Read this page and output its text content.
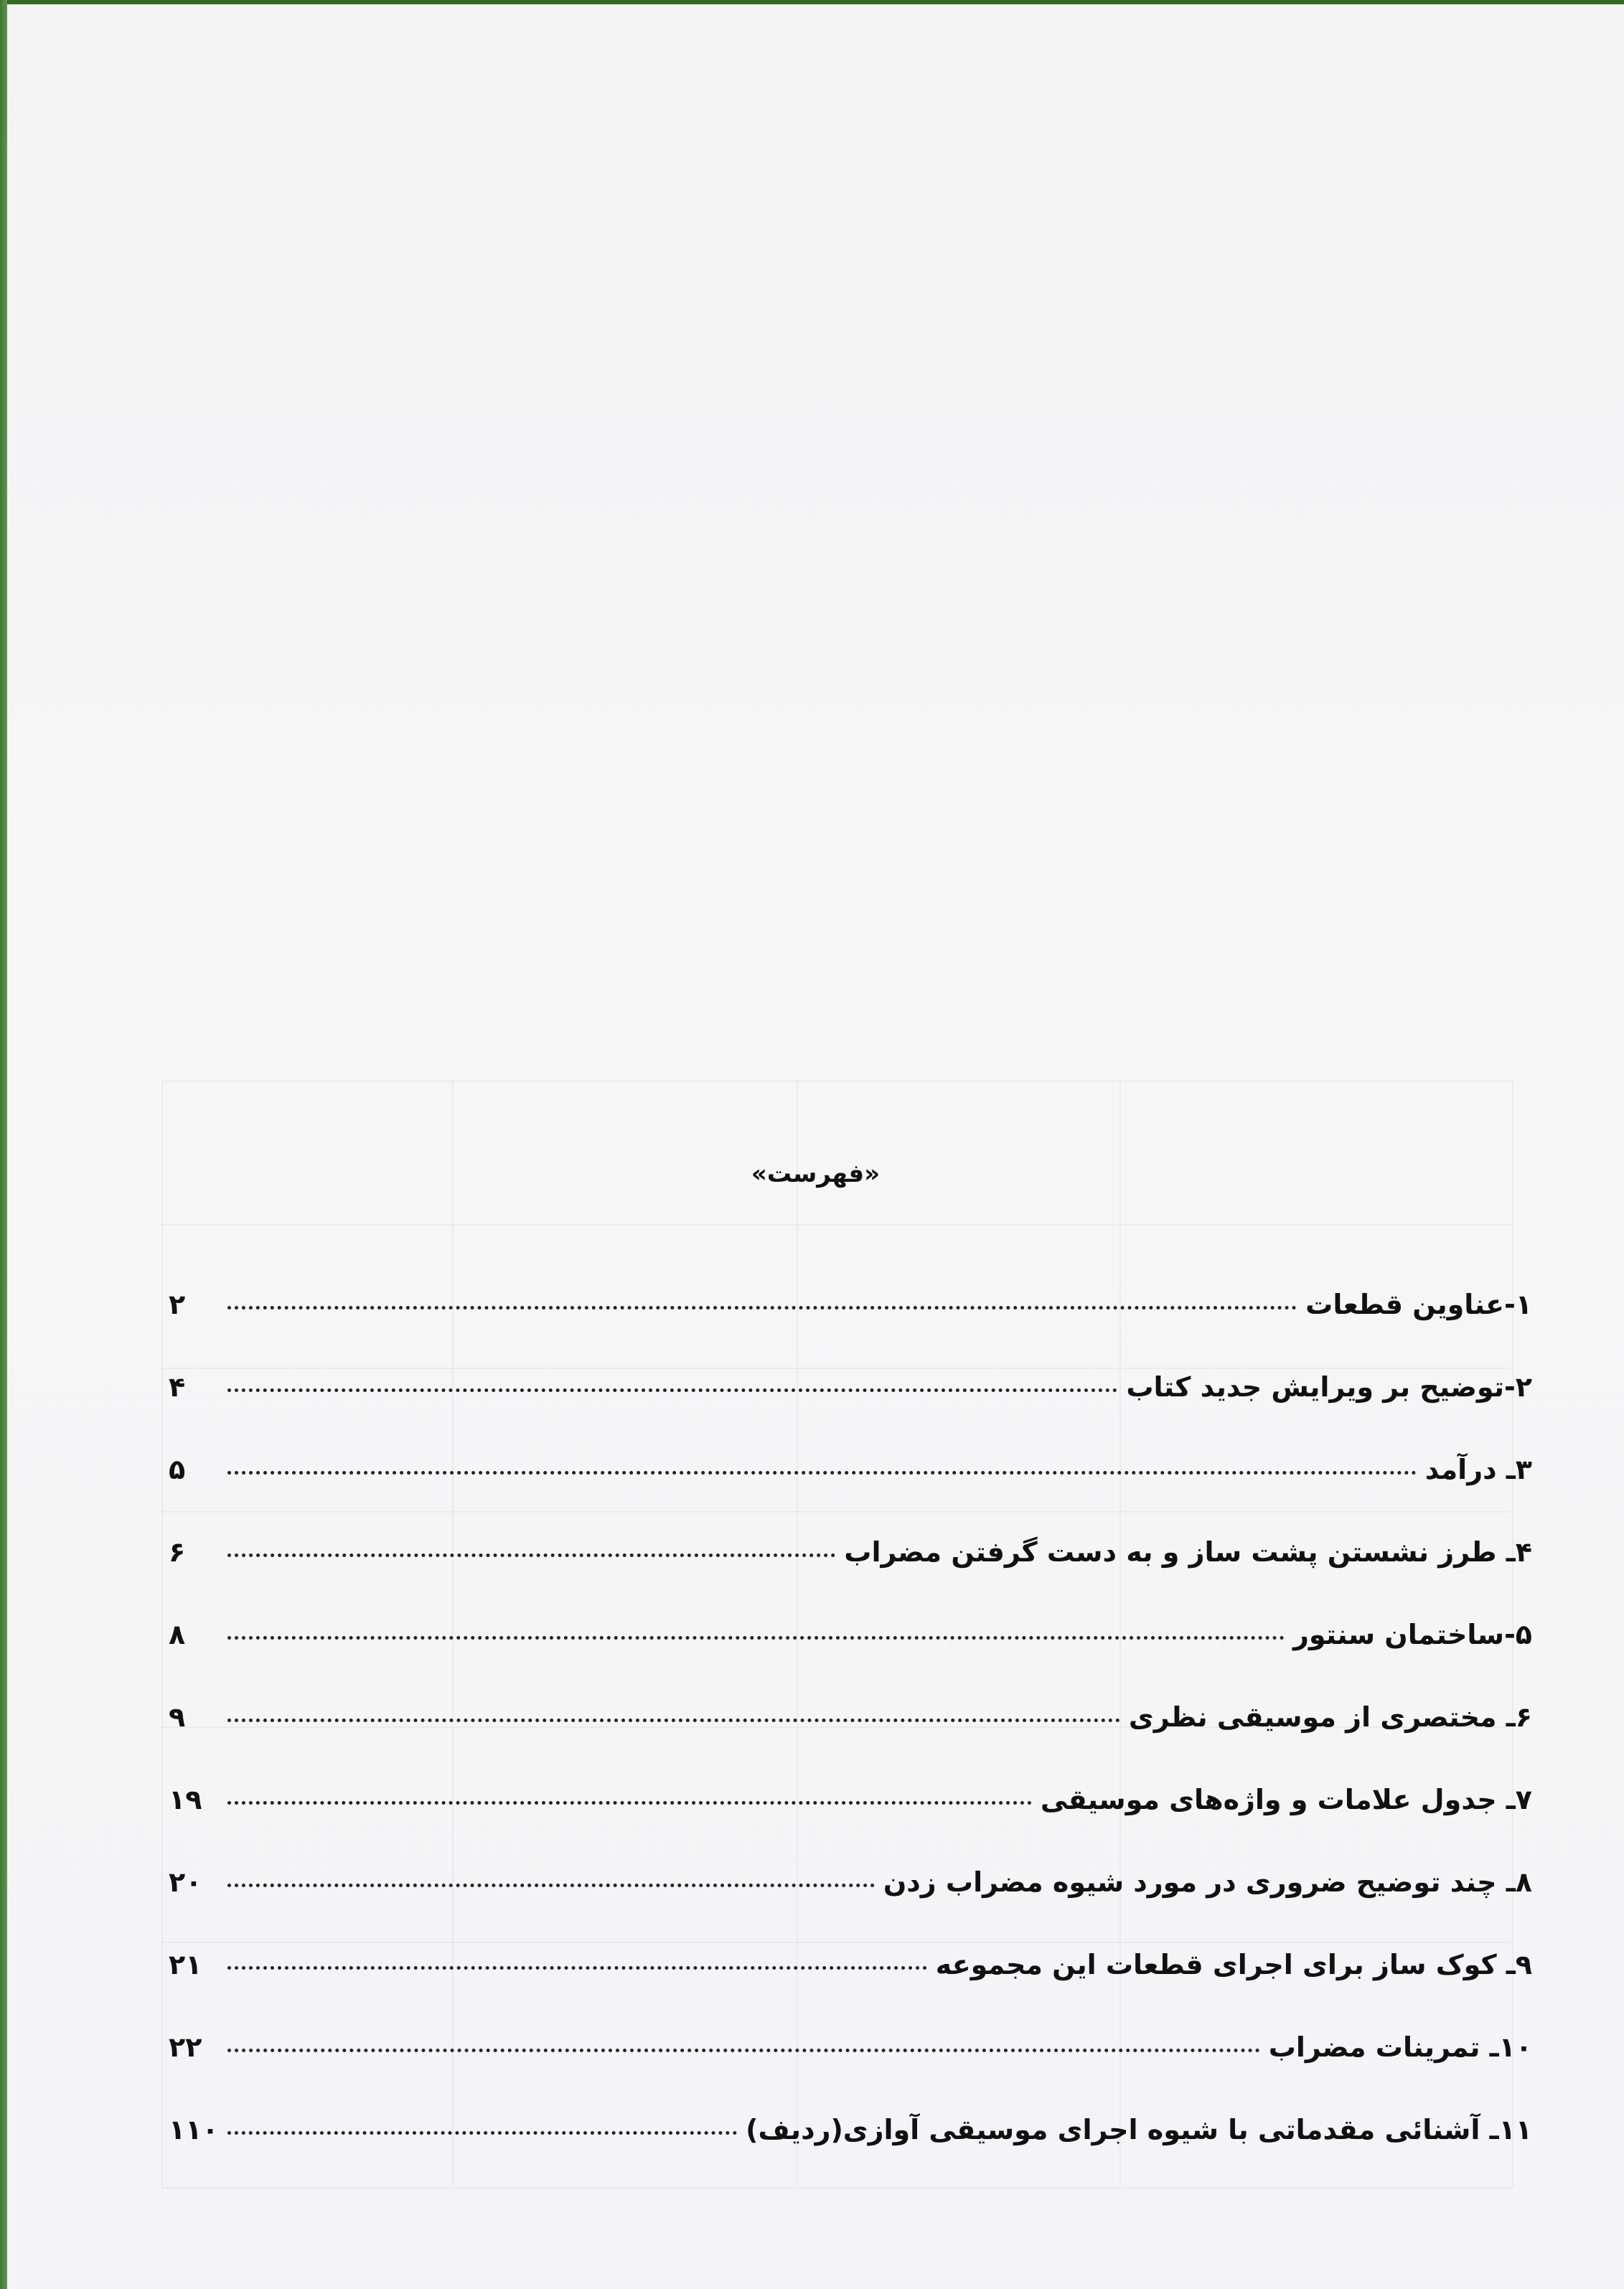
«فهرست»
۱-عناوین قطعات
۲
۲-توضیح بر ویرایش جدید کتاب
۴
۳ـ درآمد
۵
۴ـ طرز نشستن پشت ساز و به دست گرفتن مضراب
۶
۵-ساختمان سنتور
۸
۶ـ مختصری از موسیقی نظری
۹
۷ـ جدول علامات و واژه‌های موسیقی
۱۹
۸ـ چند توضیح ضروری در مورد شیوه مضراب زدن
۲۰
۹ـ کوک ساز برای اجرای قطعات این مجموعه
۲۱
۱۰ـ تمرینات مضراب
۲۲
۱۱ـ آشنائی مقدماتی با شیوه اجرای موسیقی آوازی(ردیف)
۱۱۰
